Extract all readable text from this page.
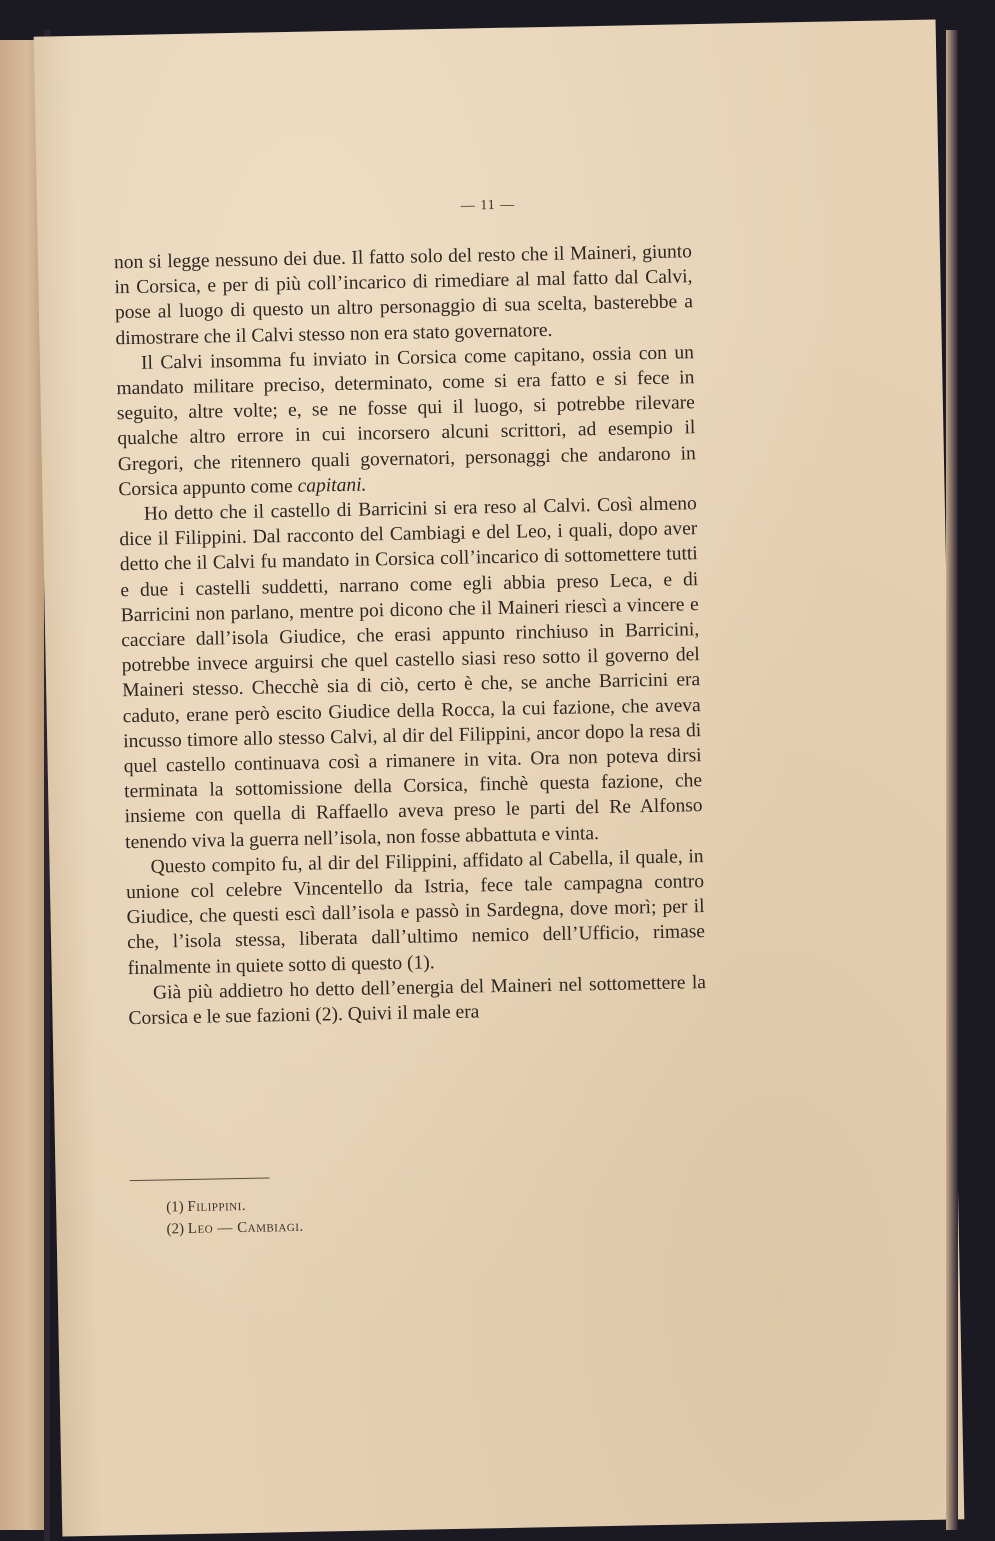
— 11 —

non si legge nessuno dei due. Il fatto solo del resto che il Maineri, giunto in Corsica, e per di più coll’incarico di rimediare al mal fatto dal Calvi, pose al luogo di questo un altro personaggio di sua scelta, basterebbe a dimostrare che il Calvi stesso non era stato governatore.

Il Calvi insomma fu inviato in Corsica come capitano, ossia con un mandato militare preciso, determinato, come si era fatto e si fece in seguito, altre volte; e, se ne fosse qui il luogo, si potrebbe rilevare qualche altro errore in cui incorsero alcuni scrittori, ad esempio il Gregori, che ritennero quali governatori, personaggi che andarono in Corsica appunto come capitani.

Ho detto che il castello di Barricini si era reso al Calvi. Così almeno dice il Filippini. Dal racconto del Cambiagi e del Leo, i quali, dopo aver detto che il Calvi fu mandato in Corsica coll’incarico di sottomettere tutti e due i castelli suddetti, narrano come egli abbia preso Leca, e di Barricini non parlano, mentre poi dicono che il Maineri riescì a vincere e cacciare dall’isola Giudice, che erasi appunto rinchiuso in Barricini, potrebbe invece arguirsi che quel castello siasi reso sotto il governo del Maineri stesso. Checchè sia di ciò, certo è che, se anche Barricini era caduto, erane però escito Giudice della Rocca, la cui fazione, che aveva incusso timore allo stesso Calvi, al dir del Filippini, ancor dopo la resa di quel castello continuava così a rimanere in vita. Ora non poteva dirsi terminata la sottomissione della Corsica, finchè questa fazione, che insieme con quella di Raffaello aveva preso le parti del Re Alfonso tenendo viva la guerra nell’isola, non fosse abbattuta e vinta.

Questo compito fu, al dir del Filippini, affidato al Cabella, il quale, in unione col celebre Vincentello da Istria, fece tale campagna contro Giudice, che questi escì dall’isola e passò in Sardegna, dove morì; per il che, l’isola stessa, liberata dall’ultimo nemico dell’Ufficio, rimase finalmente in quiete sotto di questo (1).

Già più addietro ho detto dell’energia del Maineri nel sottomettere la Corsica e le sue fazioni (2). Quivi il male era

(1) Filippini.
(2) Leo — Cambiagi.
